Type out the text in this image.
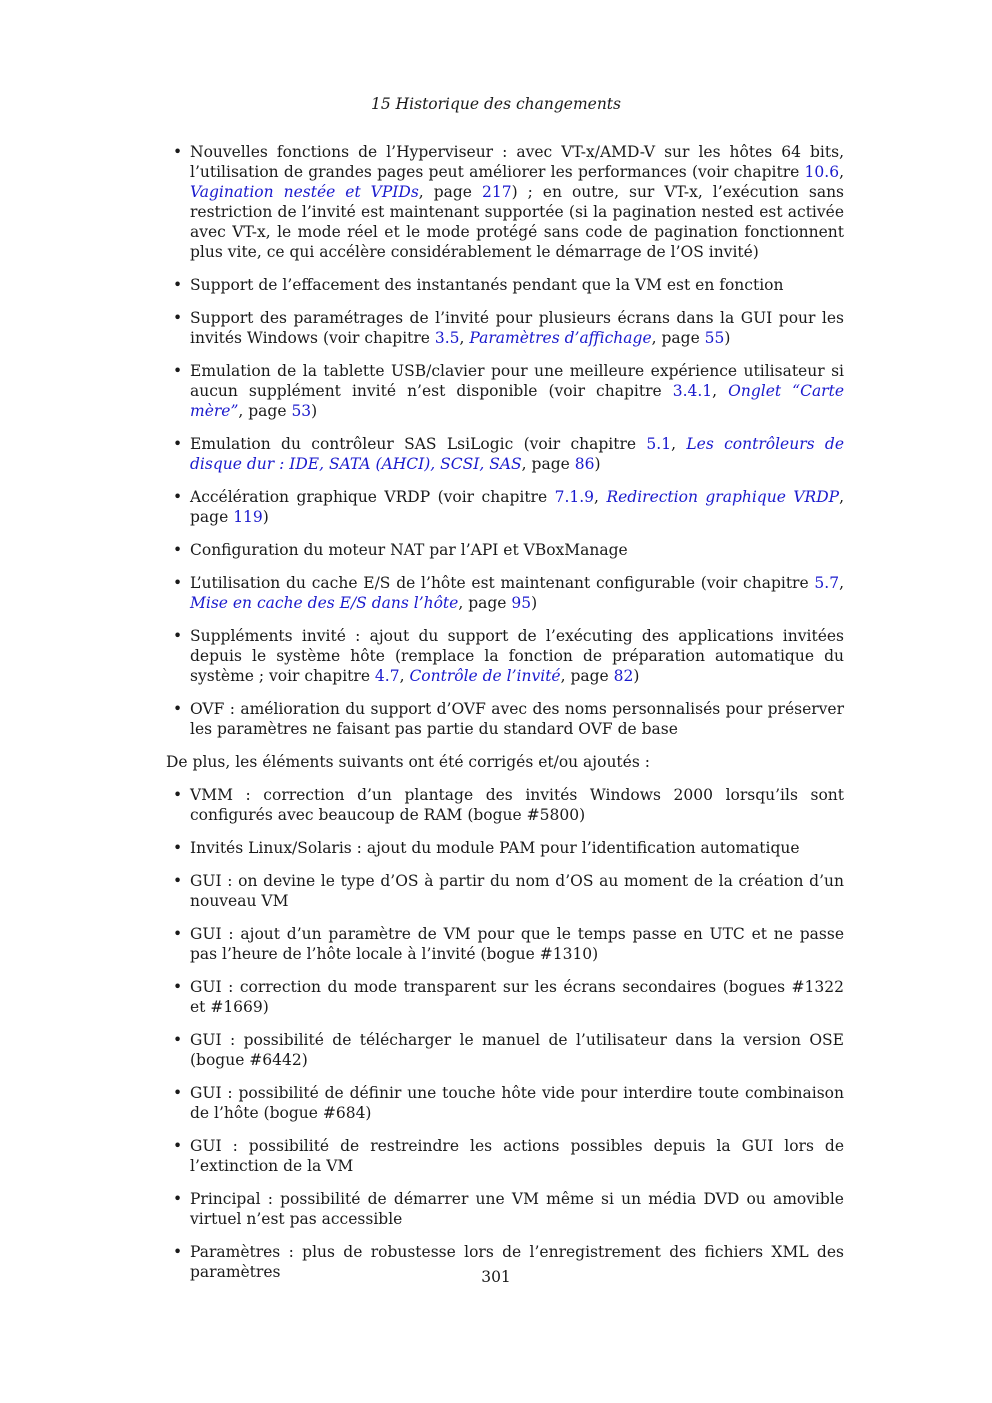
15 Historique des changements
• Nouvelles fonctions de l’Hyperviseur : avec VT-x/AMD-V sur les hôtes 64 bits, l’utilisation de grandes pages peut améliorer les performances (voir chapitre 10.6, Vagination nestée et VPIDs, page 217) ; en outre, sur VT-x, l’exécution sans restriction de l’invité est maintenant supportée (si la pagination nested est activée avec VT-x, le mode réel et le mode protégé sans code de pagination fonctionnent plus vite, ce qui accélère considérablement le démarrage de l’OS invité)
• Support de l’effacement des instantanés pendant que la VM est en fonction
• Support des paramétrages de l’invité pour plusieurs écrans dans la GUI pour les invités Windows (voir chapitre 3.5, Paramètres d’affichage, page 55)
• Emulation de la tablette USB/clavier pour une meilleure expérience utilisateur si aucun supplément invité n’est disponible (voir chapitre 3.4.1, Onglet “Carte mère”, page 53)
• Emulation du contrôleur SAS LsiLogic (voir chapitre 5.1, Les contrôleurs de disque dur : IDE, SATA (AHCI), SCSI, SAS, page 86)
• Accélération graphique VRDP (voir chapitre 7.1.9, Redirection graphique VRDP, page 119)
• Configuration du moteur NAT par l’API et VBoxManage
• L’utilisation du cache E/S de l’hôte est maintenant configurable (voir chapitre 5.7, Mise en cache des E/S dans l’hôte, page 95)
• Suppléments invité : ajout du support de l’exécuting des applications invitées depuis le système hôte (remplace la fonction de préparation automatique du système ; voir chapitre 4.7, Contrôle de l’invité, page 82)
• OVF : amélioration du support d’OVF avec des noms personnalisés pour préserver les paramètres ne faisant pas partie du standard OVF de base

De plus, les éléments suivants ont été corrigés et/ou ajoutés :

• VMM : correction d’un plantage des invités Windows 2000 lorsqu’ils sont configurés avec beaucoup de RAM (bogue #5800)
• Invités Linux/Solaris : ajout du module PAM pour l’identification automatique
• GUI : on devine le type d’OS à partir du nom d’OS au moment de la création d’un nouveau VM
• GUI : ajout d’un paramètre de VM pour que le temps passe en UTC et ne passe pas l’heure de l’hôte locale à l’invité (bogue #1310)
• GUI : correction du mode transparent sur les écrans secondaires (bogues #1322 et #1669)
• GUI : possibilité de télécharger le manuel de l’utilisateur dans la version OSE (bogue #6442)
• GUI : possibilité de définir une touche hôte vide pour interdire toute combinaison de l’hôte (bogue #684)
• GUI : possibilité de restreindre les actions possibles depuis la GUI lors de l’extinction de la VM
• Principal : possibilité de démarrer une VM même si un média DVD ou amovible virtuel n’est pas accessible
• Paramètres : plus de robustesse lors de l’enregistrement des fichiers XML des paramètres	301
